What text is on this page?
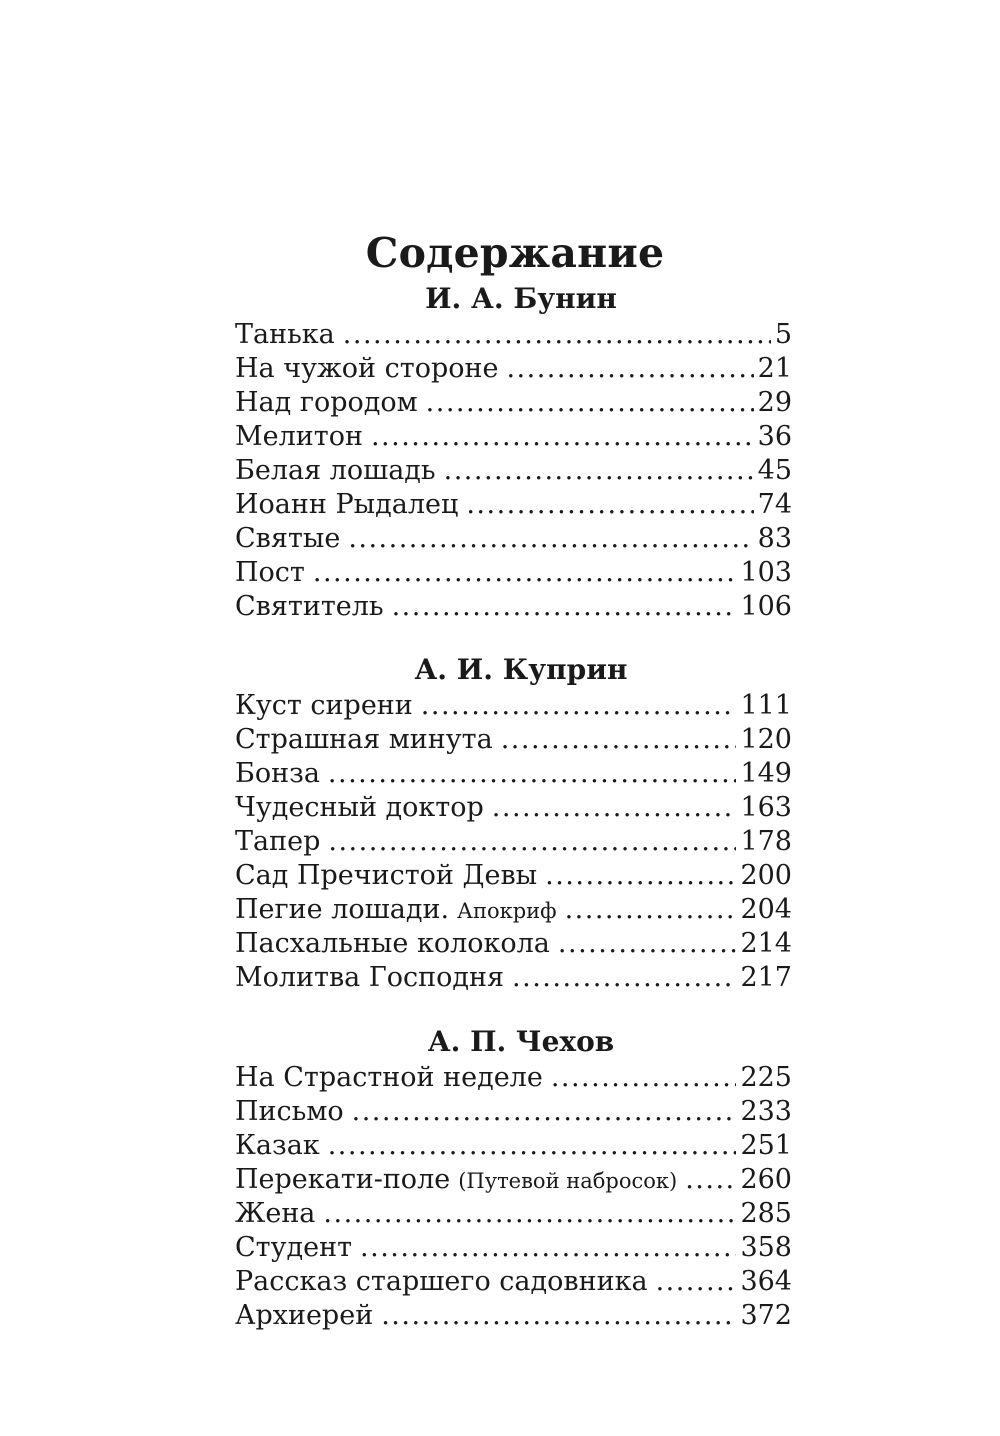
Содержание
И. А. Бунин
Танька .....	5
На чужой стороне .....	21
Над городом .....	29
Мелитон .....	36
Белая лошадь .....	45
Иоанн Рыдалец .....	74
Святые .....	83
Пост .....	103
Святитель .....	106
А. И. Куприн
Куст сирени .....	111
Страшная минута .....	120
Бонза .....	149
Чудесный доктор .....	163
Тапер .....	178
Сад Пречистой Девы .....	200
Пегие лошади. Апокриф .....	204
Пасхальные колокола .....	214
Молитва Господня .....	217
А. П. Чехов
На Страстной неделе .....	225
Письмо .....	233
Казак .....	251
Перекати-поле (Путевой набросок) ..... 260
Жена .....	285
Студент .....	358
Рассказ старшего садовника .....	364
Архиерей .....	372
